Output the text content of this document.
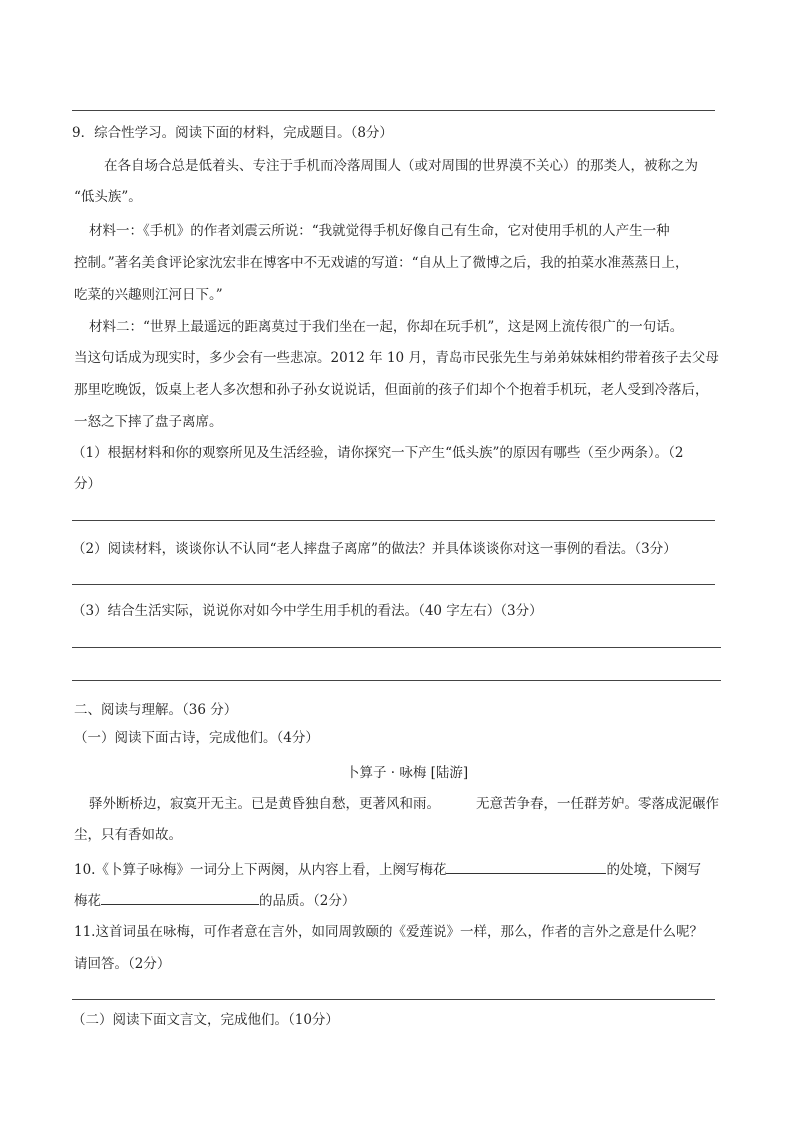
9．综合性学习。阅读下面的材料，完成题目。（8分）
在各自场合总是低着头、专注于手机而冷落周围人（或对周围的世界漠不关心）的那类人，被称之为
“低头族”。
材料一：《手机》的作者刘震云所说：“我就觉得手机好像自己有生命，它对使用手机的人产生一种
控制。”著名美食评论家沈宏非在博客中不无戏谑的写道：“自从上了微博之后，我的拍菜水准蒸蒸日上，
吃菜的兴趣则江河日下。”
材料二：“世界上最遥远的距离莫过于我们坐在一起，你却在玩手机”，这是网上流传很广的一句话。
当这句话成为现实时，多少会有一些悲凉。2012 年 10 月，青岛市民张先生与弟弟妹妹相约带着孩子去父母
那里吃晚饭，饭桌上老人多次想和孙子孙女说说话，但面前的孩子们却个个抱着手机玩，老人受到冷落后，
一怒之下摔了盘子离席。
（1）根据材料和你的观察所见及生活经验，请你探究一下产生“低头族”的原因有哪些（至少两条）。（2
分）
（2）阅读材料，谈谈你认不认同“老人摔盘子离席”的做法？并具体谈谈你对这一事例的看法。（3分）
（3）结合生活实际，说说你对如今中学生用手机的看法。（40 字左右）（3分）
二、阅读与理解。（36 分）
（一）阅读下面古诗，完成他们。（4分）
卜算子 · 咏梅 [陆游]
驿外断桥边，寂寞开无主。已是黄昏独自愁，更著风和雨。	无意苦争春，一任群芳妒。零落成泥碾作
尘，只有香如故。
10.《卜算子咏梅》一词分上下两阕，从内容上看，上阕写梅花	的处境，下阕写
梅花	的品质。（2分）
11.这首词虽在咏梅，可作者意在言外，如同周敦颐的《爱莲说》一样，那么，作者的言外之意是什么呢？
请回答。（2分）
（二）阅读下面文言文，完成他们。（10分）
